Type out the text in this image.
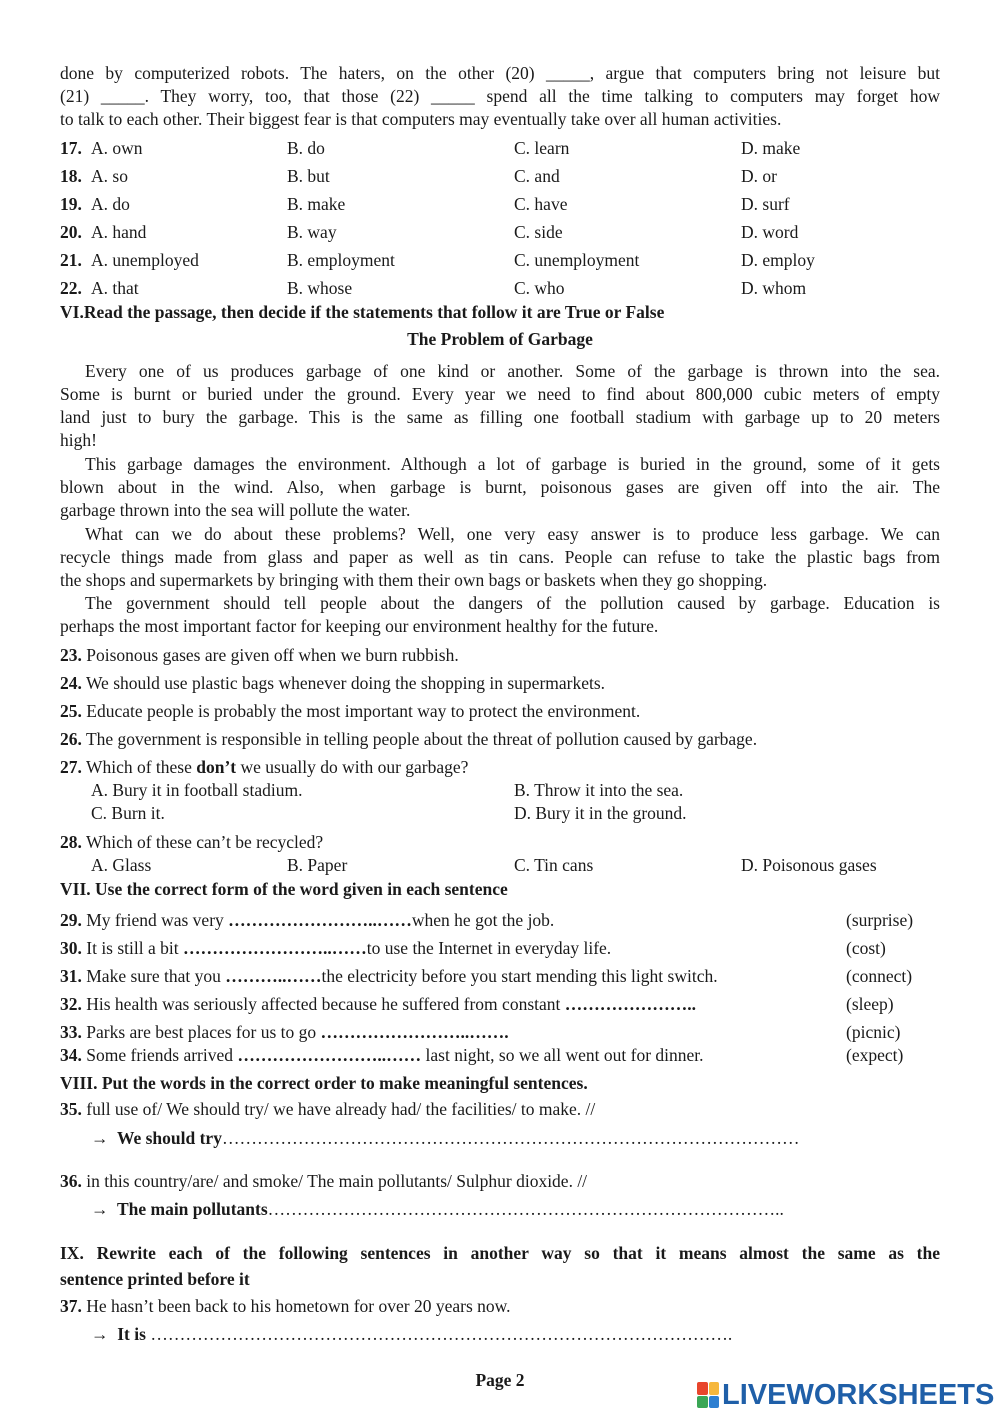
done by computerized robots. The haters, on the other (20) _____, argue that computers bring not leisure but
(21) _____. They worry, too, that those (22) _____ spend all the time talking to computers may forget how
to talk to each other. Their biggest fear is that computers may eventually take over all human activities.
17. A. own	B. do	C. learn	D. make
18. A. so	B. but	C. and	D. or
19. A. do	B. make	C. have	D. surf
20. A. hand	B. way	C. side	D. word
21. A. unemployed	B. employment	C. unemployment	D. employ
22. A. that	B. whose	C. who	D. whom
VI.Read the passage, then decide if the statements that follow it are True or False
The Problem of Garbage
Every one of us produces garbage of one kind or another. Some of the garbage is thrown into the sea.
Some is burnt or buried under the ground. Every year we need to find about 800,000 cubic meters of empty
land just to bury the garbage. This is the same as filling one football stadium with garbage up to 20 meters
high!
This garbage damages the environment. Although a lot of garbage is buried in the ground, some of it gets
blown about in the wind. Also, when garbage is burnt, poisonous gases are given off into the air. The
garbage thrown into the sea will pollute the water.
What can we do about these problems? Well, one very easy answer is to produce less garbage. We can
recycle things made from glass and paper as well as tin cans. People can refuse to take the plastic bags from
the shops and supermarkets by bringing with them their own bags or baskets when they go shopping.
The government should tell people about the dangers of the pollution caused by garbage. Education is
perhaps the most important factor for keeping our environment healthy for the future.
23. Poisonous gases are given off when we burn rubbish.
24. We should use plastic bags whenever doing the shopping in supermarkets.
25. Educate people is probably the most important way to protect the environment.
26. The government is responsible in telling people about the threat of pollution caused by garbage.
27. Which of these don’t we usually do with our garbage?
A. Bury it in football stadium.	B. Throw it into the sea.
C. Burn it.	D. Bury it in the ground.
28. Which of these can’t be recycled?
A. Glass	B. Paper	C. Tin cans	D. Poisonous gases
VII. Use the correct form of the word given in each sentence
29. My friend was very ……………………..……when he got the job.	(surprise)
30. It is still a bit ……………………..……to use the Internet in everyday life.	(cost)
31. Make sure that you ………..……the electricity before you start mending this light switch.	(connect)
32. His health was seriously affected because he suffered from constant …………………..	(sleep)
33. Parks are best places for us to go ……………………..…….	(picnic)
34. Some friends arrived ……………………..…… last night, so we all went out for dinner.	(expect)
VIII. Put the words in the correct order to make meaningful sentences.
35. full use of/ We should try/ we have already had/ the facilities/ to make. //
→ We should try………………………………………………………………………………………
36. in this country/are/ and smoke/ The main pollutants/ Sulphur dioxide. //
→ The main pollutants……………………………………………………………………………..
IX. Rewrite each of the following sentences in another way so that it means almost the same as the
sentence printed before it
37. He hasn’t been back to his hometown for over 20 years now.
→ It is ……………………………………………………………………………………….
Page 2	LIVEWORKSHEETS
